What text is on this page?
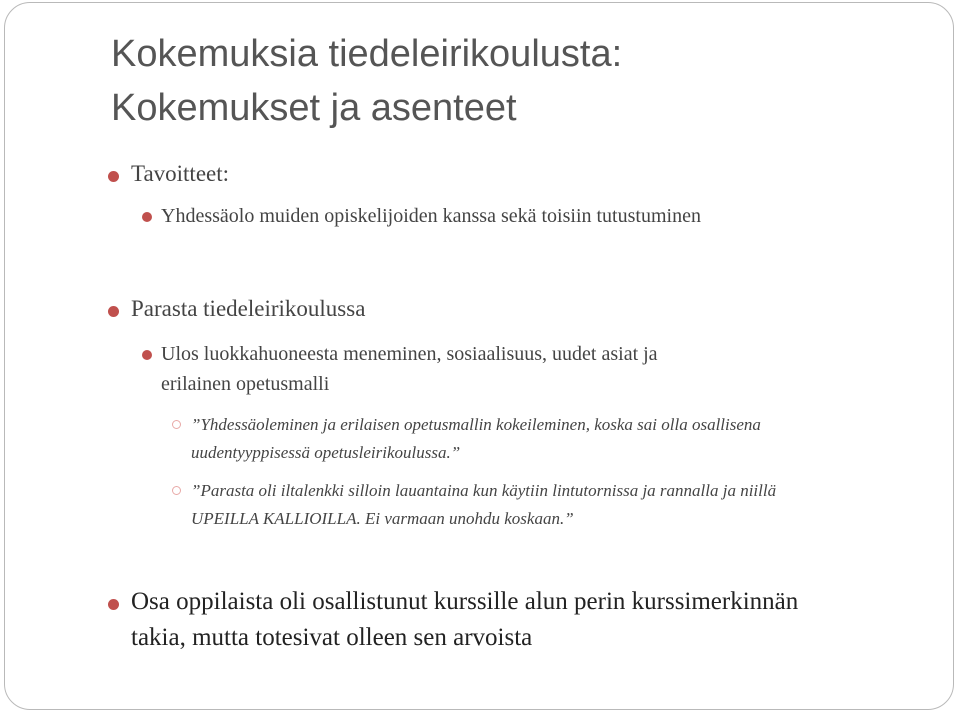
Kokemuksia tiedeleirikoulusta:
Kokemukset ja asenteet

Tavoitteet:

Yhdessäolo muiden opiskelijoiden kanssa sekä toisiin tutustuminen

Parasta tiedeleirikoulussa

Ulos luokkahuoneesta meneminen, sosiaalisuus, uudet asiat ja
erilainen opetusmalli

”Yhdessäoleminen ja erilaisen opetusmallin kokeileminen, koska sai olla osallisena
uudentyyppisessä opetusleirikoulussa.”

”Parasta oli iltalenkki silloin lauantaina kun käytiin lintutornissa ja rannalla ja niillä
UPEILLA KALLIOILLA. Ei varmaan unohdu koskaan.”

Osa oppilaista oli osallistunut kurssille alun perin kurssimerkinnän
takia, mutta totesivat olleen sen arvoista
